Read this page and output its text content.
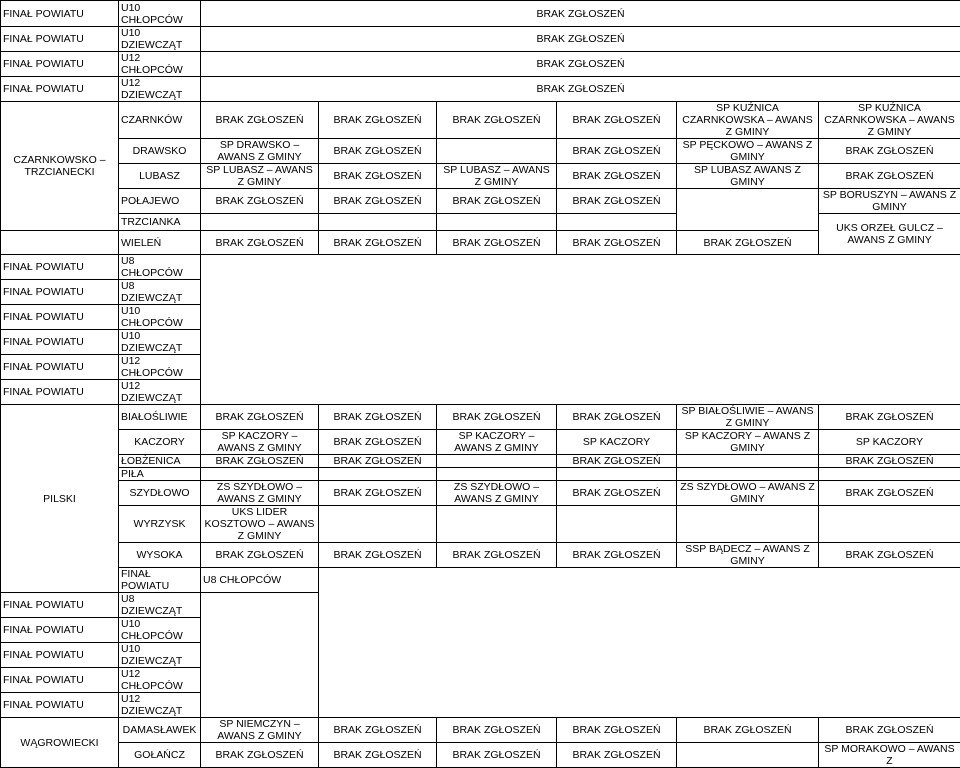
FINAŁ POWIATU	U10 CHŁOPCÓW	BRAK ZGŁOSZEŃ					
FINAŁ POWIATU	U10 DZIEWCZĄT	BRAK ZGŁOSZEŃ					
FINAŁ POWIATU	U12 CHŁOPCÓW	BRAK ZGŁOSZEŃ					
FINAŁ POWIATU	U12 DZIEWCZĄT	BRAK ZGŁOSZEŃ					
CZARNKOWSKO – TRZCIANECKI	CZARNKÓW	BRAK ZGŁOSZEŃ	BRAK ZGŁOSZEŃ	BRAK ZGŁOSZEŃ	BRAK ZGŁOSZEŃ	SP KUŹNICA CZARNKOWSKA – AWANS Z GMINY	SP KUŹNICA CZARNKOWSKA – AWANS Z GMINY
	DRAWSKO	SP DRAWSKO – AWANS Z GMINY	BRAK ZGŁOSZEŃ		BRAK ZGŁOSZEŃ	SP PĘCKOWO – AWANS Z GMINY	BRAK ZGŁOSZEŃ
	LUBASZ	SP LUBASZ – AWANS Z GMINY	BRAK ZGŁOSZEŃ	SP LUBASZ – AWANS Z GMINY	BRAK ZGŁOSZEŃ	SP LUBASZ AWANS Z GMINY	BRAK ZGŁOSZEŃ
	POŁAJEWO	BRAK ZGŁOSZEŃ	BRAK ZGŁOSZEŃ	BRAK ZGŁOSZEŃ	BRAK ZGŁOSZEŃ		SP BORUSZYN – AWANS Z GMINY
	TRZCIANKA						UKS ORZEŁ GULCZ – AWANS Z GMINY
	WIELEŃ	BRAK ZGŁOSZEŃ	BRAK ZGŁOSZEŃ	BRAK ZGŁOSZEŃ	BRAK ZGŁOSZEŃ	BRAK ZGŁOSZEŃ	
FINAŁ POWIATU	U8 CHŁOPCÓW						
FINAŁ POWIATU	U8 DZIEWCZĄT						
FINAŁ POWIATU	U10 CHŁOPCÓW						
FINAŁ POWIATU	U10 DZIEWCZĄT						
FINAŁ POWIATU	U12 CHŁOPCÓW						
FINAŁ POWIATU	U12 DZIEWCZĄT						
PILSKI	BIAŁOŚLIWIE	BRAK ZGŁOSZEŃ	BRAK ZGŁOSZEŃ	BRAK ZGŁOSZEŃ	BRAK ZGŁOSZEŃ	SP BIAŁOŚLIWIE – AWANS Z GMINY	BRAK ZGŁOSZEŃ
	KACZORY	SP KACZORY – AWANS Z GMINY	BRAK ZGŁOSZEŃ	SP KACZORY – AWANS Z GMINY	SP KACZORY	SP KACZORY – AWANS Z GMINY	SP KACZORY
	ŁOBŻENICA	BRAK ZGŁOSZEŃ	BRAK ZGŁOSZEŃ		BRAK ZGŁOSZEŃ		BRAK ZGŁOSZEŃ
	PIŁA						
	SZYDŁOWO	ZS SZYDŁOWO – AWANS Z GMINY	BRAK ZGŁOSZEŃ	ZS SZYDŁOWO – AWANS Z GMINY	BRAK ZGŁOSZEŃ	ZS SZYDŁOWO – AWANS Z GMINY	BRAK ZGŁOSZEŃ
	WYRZYSK	UKS LIDER KOSZTOWO – AWANS Z GMINY					
	WYSOKA	BRAK ZGŁOSZEŃ	BRAK ZGŁOSZEŃ	BRAK ZGŁOSZEŃ	BRAK ZGŁOSZEŃ	SSP BĄDECZ – AWANS Z GMINY	BRAK ZGŁOSZEŃ
	FINAŁ POWIATU	U8 CHŁOPCÓW					
FINAŁ POWIATU	U8 DZIEWCZĄT						
FINAŁ POWIATU	U10 CHŁOPCÓW						
FINAŁ POWIATU	U10 DZIEWCZĄT						
FINAŁ POWIATU	U12 CHŁOPCÓW						
FINAŁ POWIATU	U12 DZIEWCZĄT						
WĄGROWIECKI	DAMASŁAWEK	SP NIEMCZYN – AWANS Z GMINY	BRAK ZGŁOSZEŃ	BRAK ZGŁOSZEŃ	BRAK ZGŁOSZEŃ	BRAK ZGŁOSZEŃ	BRAK ZGŁOSZEŃ
	GOŁAŃCZ	BRAK ZGŁOSZEŃ	BRAK ZGŁOSZEŃ	BRAK ZGŁOSZEŃ	BRAK ZGŁOSZEŃ		SP MORAKOWO – AWANS Z
